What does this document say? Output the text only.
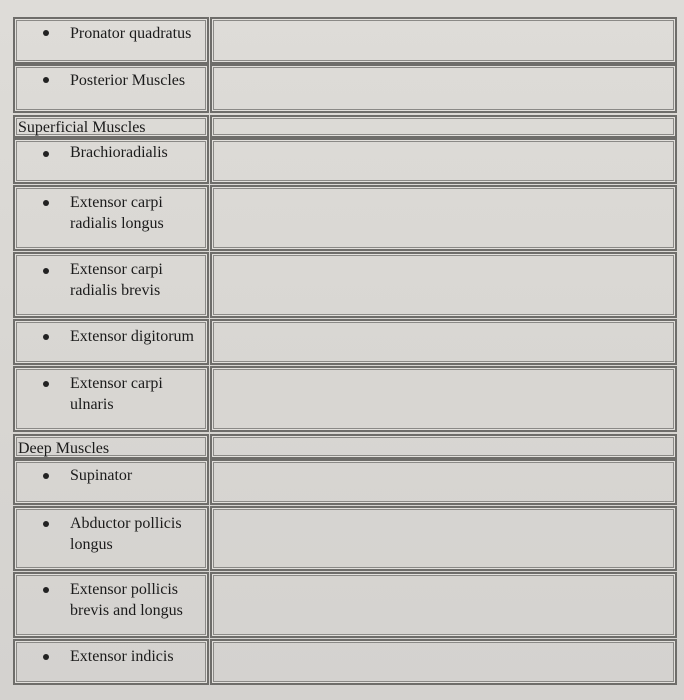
Pronator quadratus
Posterior Muscles
Superficial Muscles
Brachioradialis
Extensor carpi
radialis longus
Extensor carpi
radialis brevis
Extensor digitorum
Extensor carpi
ulnaris
Deep Muscles
Supinator
Abductor pollicis
longus
Extensor pollicis
brevis and longus
Extensor indicis
